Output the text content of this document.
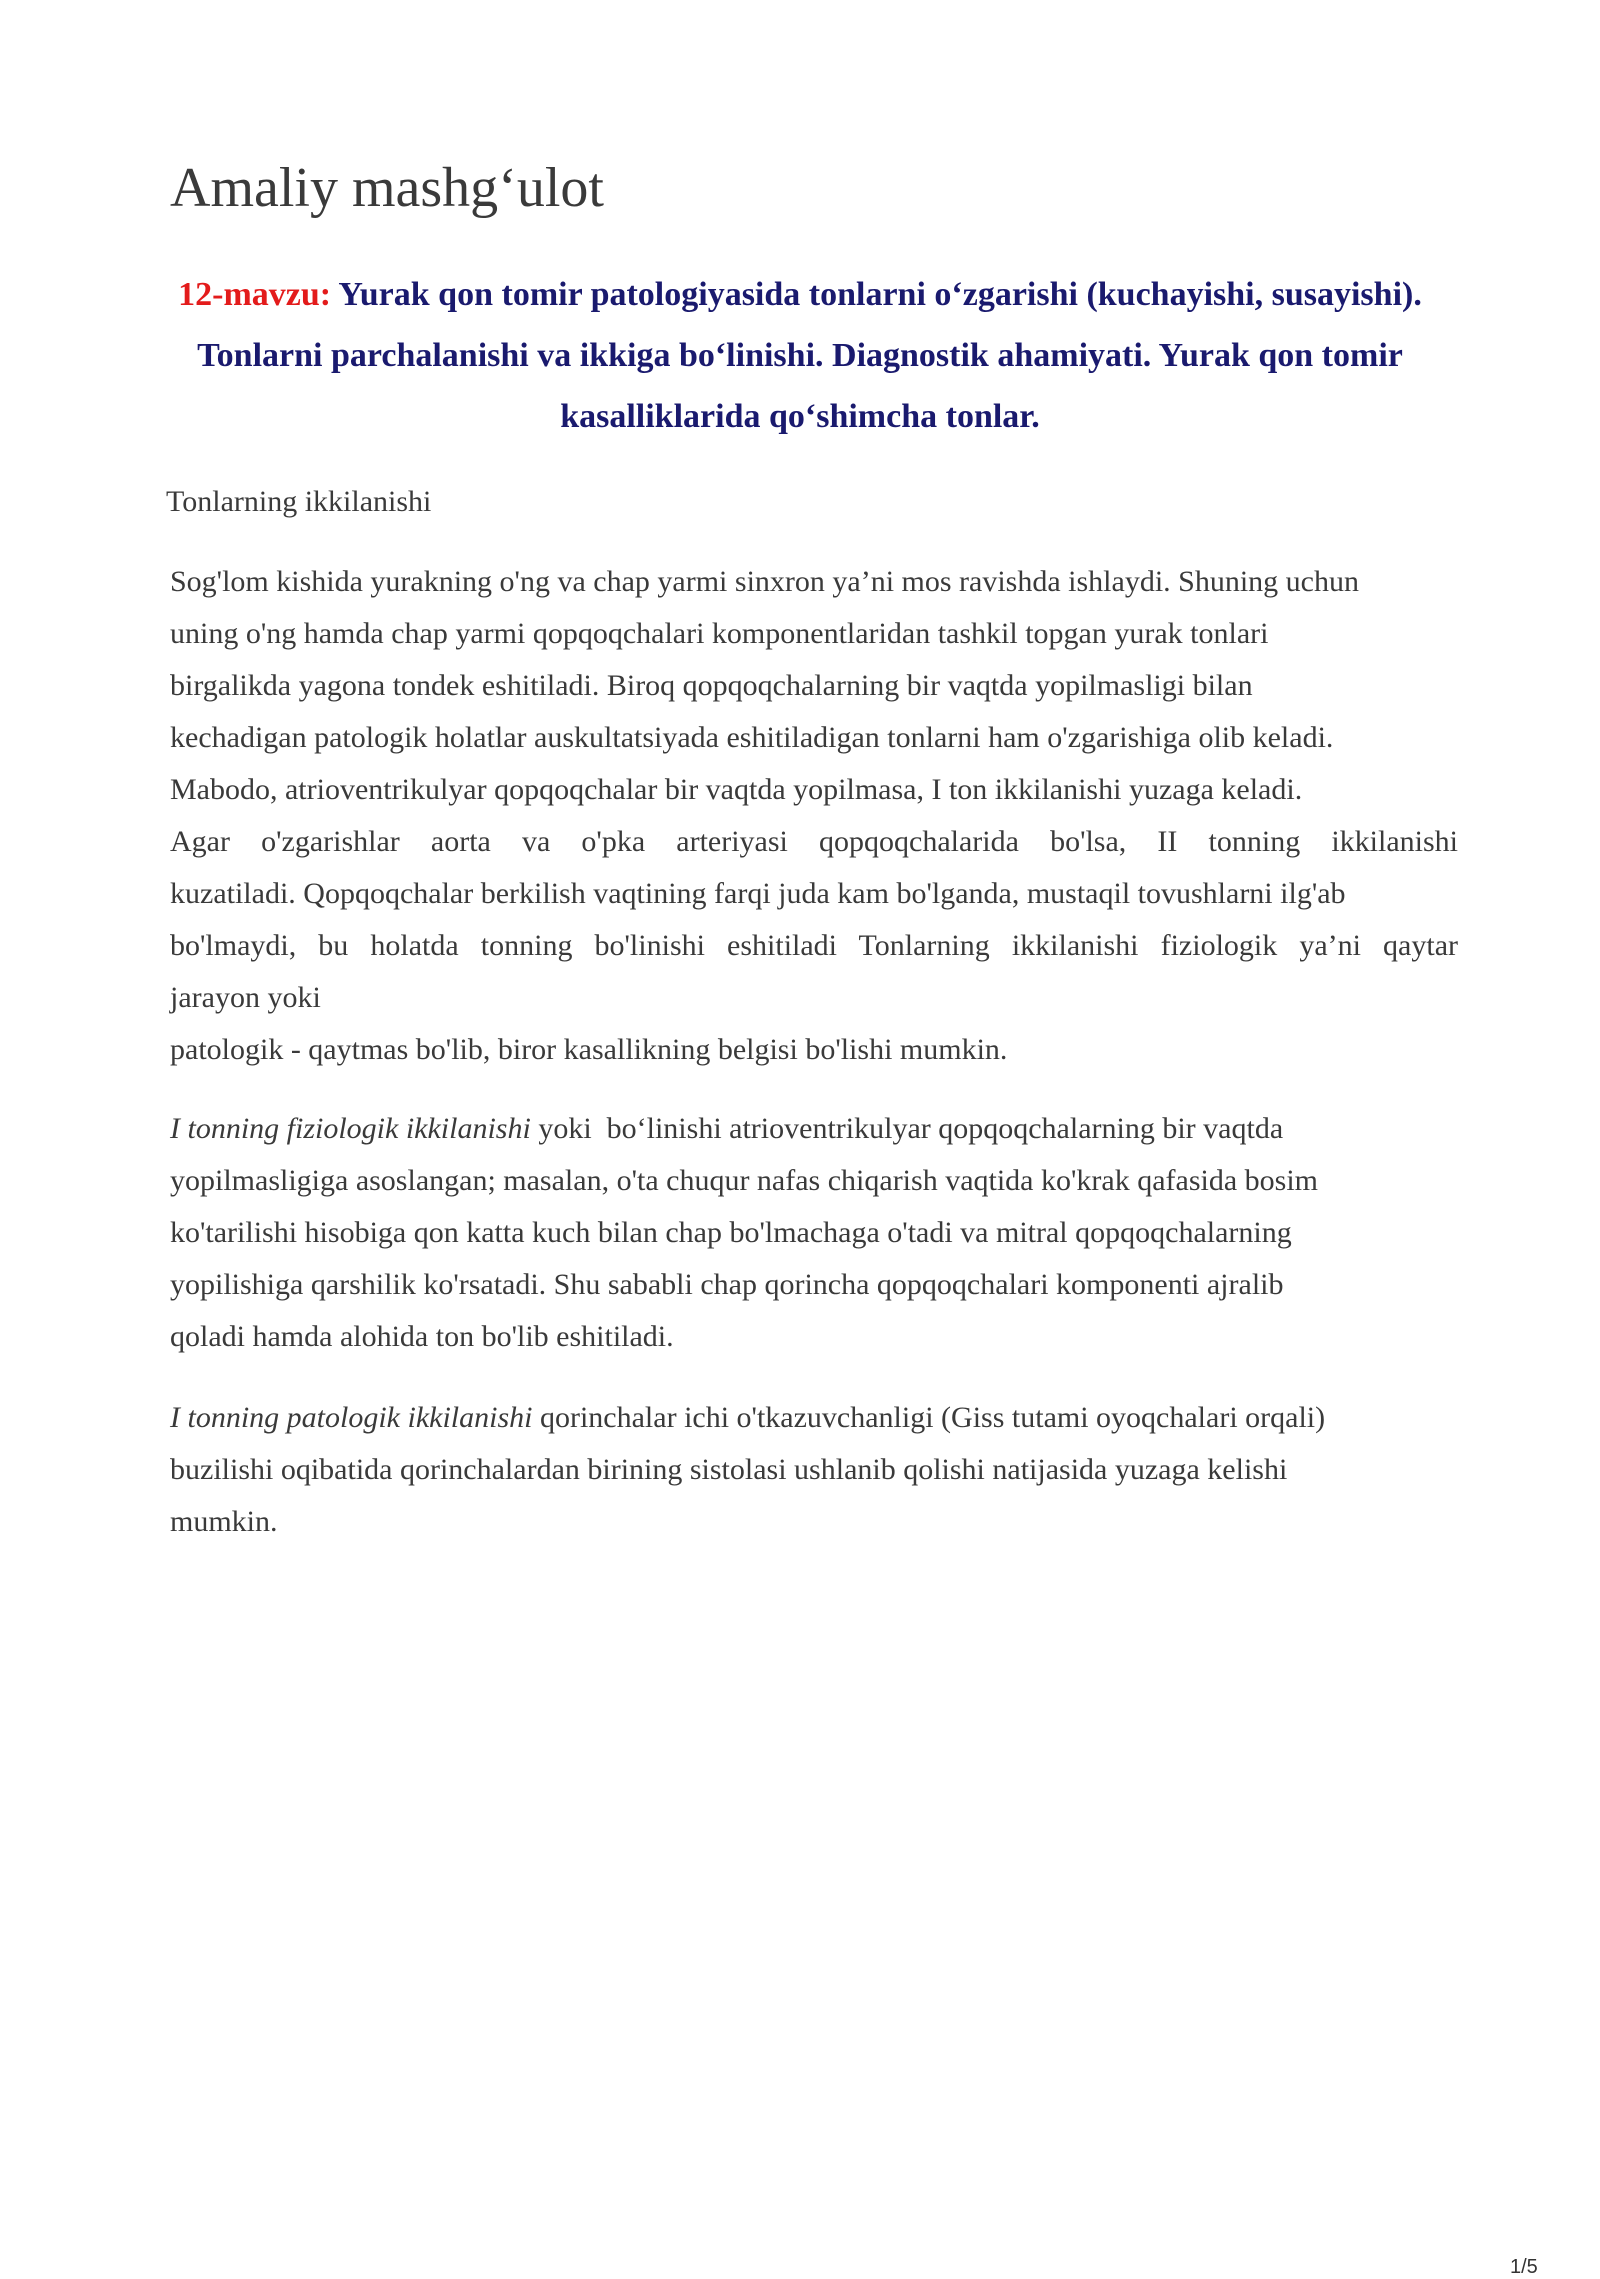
Amaliy mashg‘ulot
12-mavzu: Yurak qon tomir patologiyasida tonlarni o‘zgarishi (kuchayishi, susayishi). Tonlarni parchalanishi va ikkiga bo‘linishi. Diagnostik ahamiyati. Yurak qon tomir kasalliklarida qo‘shimcha tonlar.
Tonlarning ikkilanishi

Sog'lom kishida yurakning o'ng va chap yarmi sinxron ya’ni mos ravishda ishlaydi. Shuning uchun

uning o'ng hamda chap yarmi qopqoqchalari komponentlaridan tashkil topgan yurak tonlari

birgalikda yagona tondek eshitiladi. Biroq qopqoqchalarning bir vaqtda yopilmasligi bilan

kechadigan patologik holatlar auskultatsiyada eshitiladigan tonlarni ham o'zgarishiga olib keladi.

Mabodo, atrioventrikulyar qopqoqchalar bir vaqtda yopilmasa, I ton ikkilanishi yuzaga keladi.

Agar o'zgarishlar aorta va o'pka arteriyasi qopqoqchalarida bo'lsa, II tonning ikkilanishi

kuzatiladi. Qopqoqchalar berkilish vaqtining farqi juda kam bo'lganda, mustaqil tovushlarni ilg'ab

bo'lmaydi, bu holatda tonning bo'linishi eshitiladi Tonlarning ikkilanishi fiziologik ya’ni qaytar

jarayon yoki

patologik - qaytmas bo'lib, biror kasallikning belgisi bo'lishi mumkin.

I tonning fiziologik ikkilanishi yoki  bo‘linishi atrioventrikulyar qopqoqchalarning bir vaqtda

yopilmasligiga asoslangan; masalan, o'ta chuqur nafas chiqarish vaqtida ko'krak qafasida bosim

ko'tarilishi hisobiga qon katta kuch bilan chap bo'lmachaga o'tadi va mitral qopqoqchalarning

yopilishiga qarshilik ko'rsatadi. Shu sababli chap qorincha qopqoqchalari komponenti ajralib

qoladi hamda alohida ton bo'lib eshitiladi.

I tonning patologik ikkilanishi qorinchalar ichi o'tkazuvchanligi (Giss tutami oyoqchalari orqali)

buzilishi oqibatida qorinchalardan birining sistolasi ushlanib qolishi natijasida yuzaga kelishi

mumkin.

1/5
